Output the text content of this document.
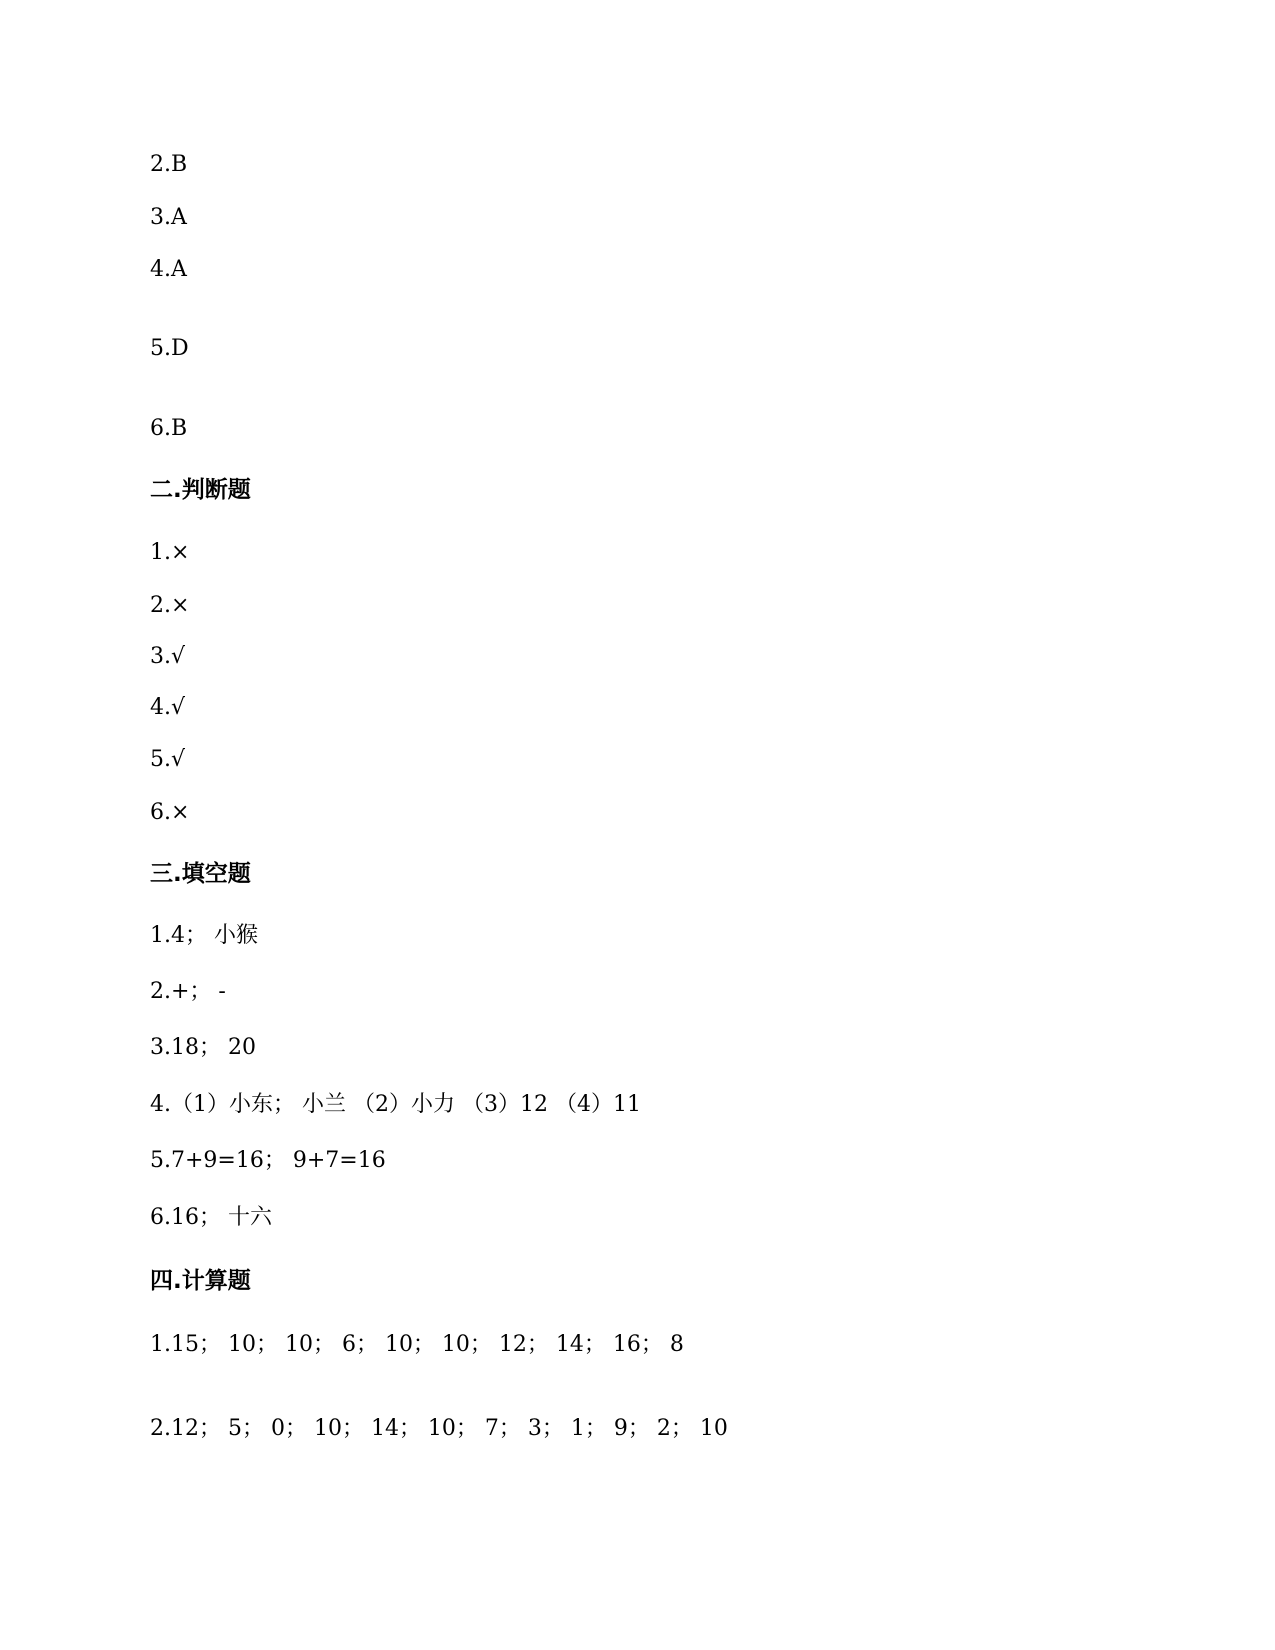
2.B
3.A
4.A
5.D
6.B
二.判断题
1.×
2.×
3.√
4.√
5.√
6.×
三.填空题
1.4； 小猴
2.+； -
3.18； 20
4.（1）小东； 小兰 （2）小力 （3）12 （4）11
5.7+9=16； 9+7=16
6.16； 十六
四.计算题
1.15； 10； 10； 6； 10； 10； 12； 14； 16； 8
2.12； 5； 0； 10； 14； 10； 7； 3； 1； 9； 2； 10
